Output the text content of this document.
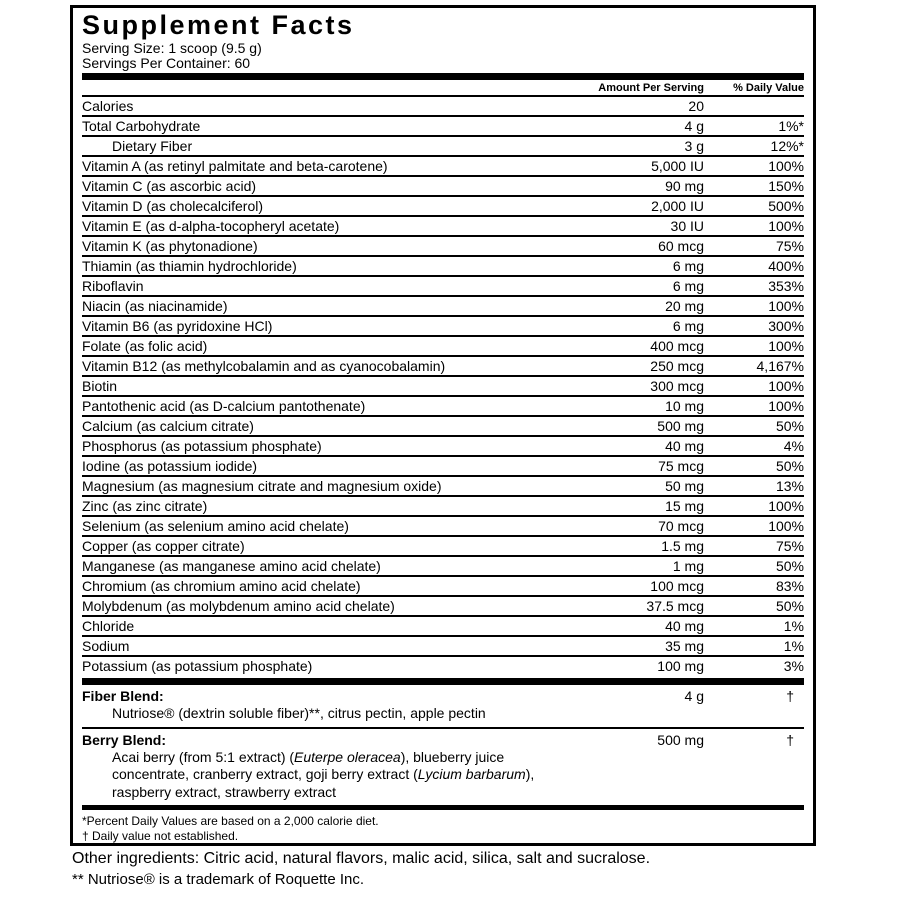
Supplement Facts
Serving Size: 1 scoop (9.5 g)
Servings Per Container: 60
Amount Per Serving	% Daily Value
Calories	20
Total Carbohydrate	4 g	1%*
Dietary Fiber	3 g	12%*
Vitamin A (as retinyl palmitate and beta-carotene)	5,000 IU	100%
Vitamin C (as ascorbic acid)	90 mg	150%
Vitamin D (as cholecalciferol)	2,000 IU	500%
Vitamin E (as d-alpha-tocopheryl acetate)	30 IU	100%
Vitamin K (as phytonadione)	60 mcg	75%
Thiamin (as thiamin hydrochloride)	6 mg	400%
Riboflavin	6 mg	353%
Niacin (as niacinamide)	20 mg	100%
Vitamin B6 (as pyridoxine HCl)	6 mg	300%
Folate (as folic acid)	400 mcg	100%
Vitamin B12 (as methylcobalamin and as cyanocobalamin)	250 mcg	4,167%
Biotin	300 mcg	100%
Pantothenic acid (as D-calcium pantothenate)	10 mg	100%
Calcium (as calcium citrate)	500 mg	50%
Phosphorus (as potassium phosphate)	40 mg	4%
Iodine (as potassium iodide)	75 mcg	50%
Magnesium (as magnesium citrate and magnesium oxide)	50 mg	13%
Zinc (as zinc citrate)	15 mg	100%
Selenium (as selenium amino acid chelate)	70 mcg	100%
Copper (as copper citrate)	1.5 mg	75%
Manganese (as manganese amino acid chelate)	1 mg	50%
Chromium (as chromium amino acid chelate)	100 mcg	83%
Molybdenum (as molybdenum amino acid chelate)	37.5 mcg	50%
Chloride	40 mg	1%
Sodium	35 mg	1%
Potassium (as potassium phosphate)	100 mg	3%
Fiber Blend:	4 g	†
Nutriose® (dextrin soluble fiber)**, citrus pectin, apple pectin
Berry Blend:	500 mg	†
Acai berry (from 5:1 extract) (Euterpe oleracea), blueberry juice concentrate, cranberry extract, goji berry extract (Lycium barbarum), raspberry extract, strawberry extract
*Percent Daily Values are based on a 2,000 calorie diet.
† Daily value not established.
Other ingredients: Citric acid, natural flavors, malic acid, silica, salt and sucralose.
** Nutriose® is a trademark of Roquette Inc.
